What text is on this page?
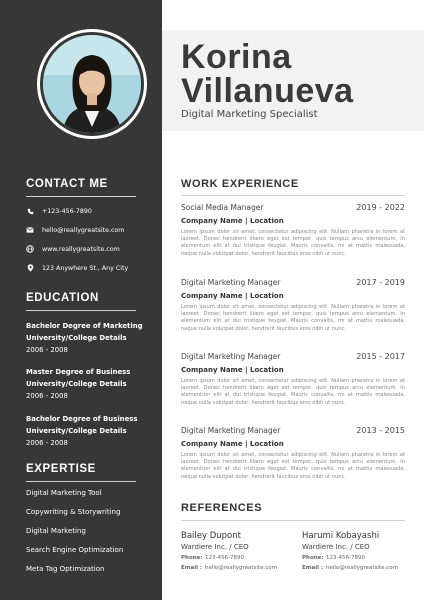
CONTACT ME
+123-456-7890
hello@reallygreatsite.com
www.reallygreatsite.com
123 Anywhere St., Any City
EDUCATION
Bachelor Degree of Marketing
University/College Details
2006 - 2008
Master Degree of Business
University/College Details
2006 - 2008
Bachelor Degree of Business
University/College Details
2006 - 2008
EXPERTISE
Digital Marketing Tool
Copywriting & Storywriting
Digital Marketing
Search Engine Optimization
Meta Tag Optimization
Korina
Villanueva
Digital Marketing Specialist
WORK EXPERIENCE
Social Media Manager	2019 - 2022
Company Name | Location
Lorem ipsum dolor sit amet, consectetur adipiscing elit. Nullam pharetra in lorem at laoreet. Donec hendrerit libero eget est tempor, quis tempus arcu elementum. In elementum elit at dui tristique feugiat. Mauris convallis, mi at mattis malesuada, neque nulla volutpat dolor, hendrerit faucibus eros nibh ut nunc.
Digital Marketing Manager	2017 - 2019
Company Name | Location
Lorem ipsum dolor sit amet, consectetur adipiscing elit. Nullam pharetra in lorem at laoreet. Donec hendrerit libero eget est tempor, quis tempus arcu elementum. In elementum elit at dui tristique feugiat. Mauris convallis, mi at mattis malesuada, neque nulla volutpat dolor, hendrerit faucibus eros nibh ut nunc.
Digital Marketing Manager	2015 - 2017
Company Name | Location
Lorem ipsum dolor sit amet, consectetur adipiscing elit. Nullam pharetra in lorem at laoreet. Donec hendrerit libero eget est tempor, quis tempus arcu elementum. In elementum elit at dui tristique feugiat. Mauris convallis, mi at mattis malesuada, neque nulla volutpat dolor, hendrerit faucibus eros nibh ut nunc.
Digital Marketing Manager	2013 - 2015
Company Name | Location
Lorem ipsum dolor sit amet, consectetur adipiscing elit. Nullam pharetra in lorem at laoreet. Donec hendrerit libero eget est tempor, quis tempus arcu elementum. In elementum elit at dui tristique feugiat. Mauris convallis, mi at mattis malesuada, neque nulla volutpat dolor, hendrerit faucibus eros nibh ut nunc.
REFERENCES
Bailey Dupont
Wardiere Inc. / CEO
Phone: 123-456-7890
Email : hello@reallygreatsite.com
Harumi Kobayashi
Wardiere Inc. / CEO
Phone: 123-456-7890
Email : hello@reallygreatsite.com
